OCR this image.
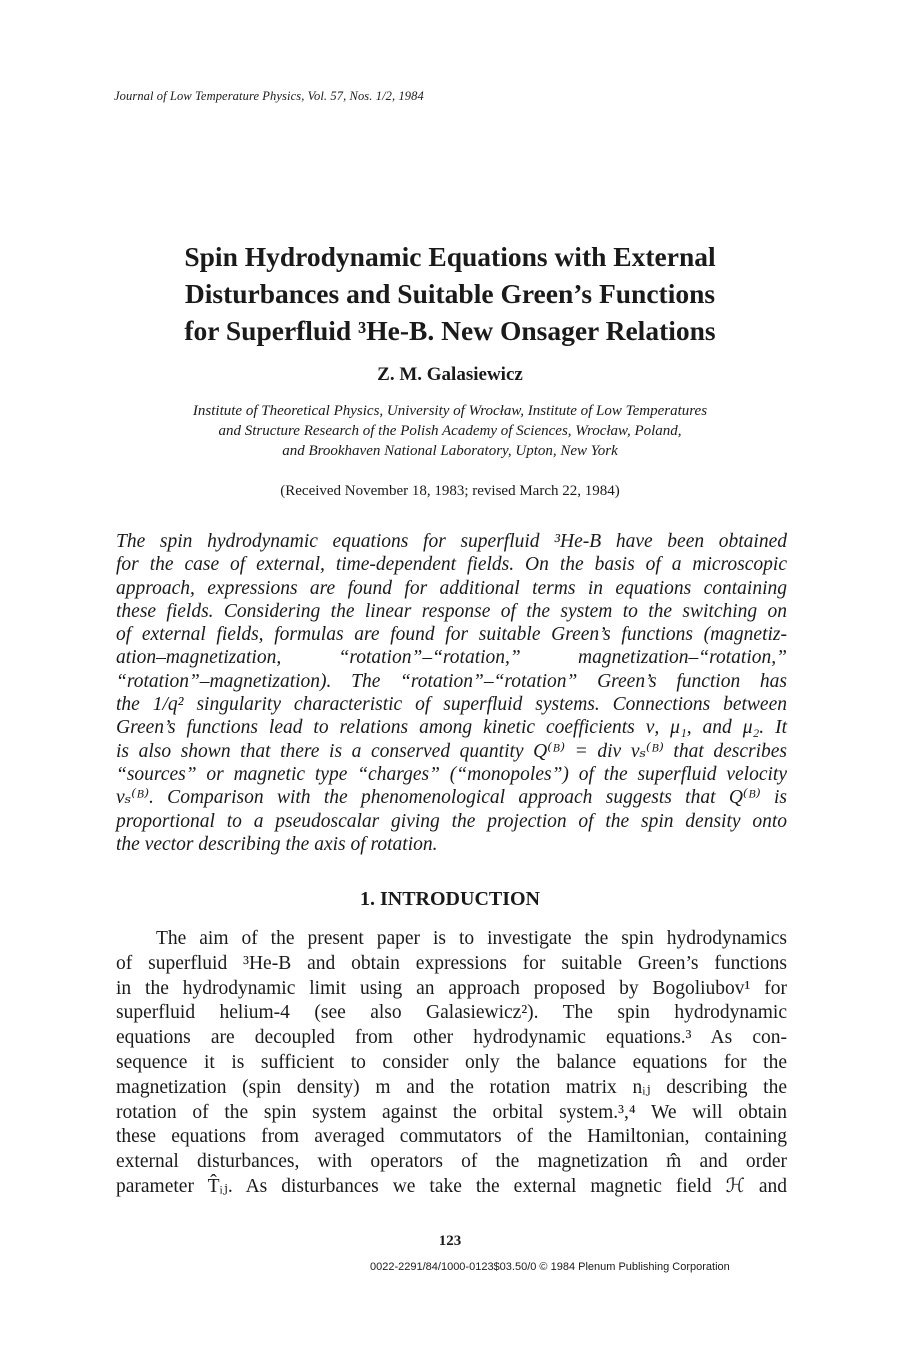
Journal of Low Temperature Physics, Vol. 57, Nos. 1/2, 1984
Spin Hydrodynamic Equations with External
Disturbances and Suitable Green’s Functions
for Superfluid ³He-B. New Onsager Relations
Z. M. Galasiewicz
Institute of Theoretical Physics, University of Wrocław, Institute of Low Temperatures
and Structure Research of the Polish Academy of Sciences, Wrocław, Poland,
and Brookhaven National Laboratory, Upton, New York
(Received November 18, 1983; revised March 22, 1984)
The spin hydrodynamic equations for superfluid ³He-B have been obtained
for the case of external, time-dependent fields. On the basis of a microscopic
approach, expressions are found for additional terms in equations containing
these fields. Considering the linear response of the system to the switching on
of external fields, formulas are found for suitable Green’s functions (magnetiz-
ation–magnetization, “rotation”–“rotation,” magnetization–“rotation,”
“rotation”–magnetization). The “rotation”–“rotation” Green’s function has
the 1/q² singularity characteristic of superfluid systems. Connections between
Green’s functions lead to relations among kinetic coefficients ν, μ₁, and μ₂. It
is also shown that there is a conserved quantity Q⁽ᴮ⁾ = div vₛ⁽ᴮ⁾ that describes
“sources” or magnetic type “charges” (“monopoles”) of the superfluid velocity
vₛ⁽ᴮ⁾. Comparison with the phenomenological approach suggests that Q⁽ᴮ⁾ is
proportional to a pseudoscalar giving the projection of the spin density onto
the vector describing the axis of rotation.
1. INTRODUCTION
The aim of the present paper is to investigate the spin hydrodynamics
of superfluid ³He-B and obtain expressions for suitable Green’s functions
in the hydrodynamic limit using an approach proposed by Bogoliubov¹ for
superfluid helium-4 (see also Galasiewicz²). The spin hydrodynamic
equations are decoupled from other hydrodynamic equations.³ As con-
sequence it is sufficient to consider only the balance equations for the
magnetization (spin density) m and the rotation matrix nᵢⱼ describing the
rotation of the spin system against the orbital system.³,⁴ We will obtain
these equations from averaged commutators of the Hamiltonian, containing
external disturbances, with operators of the magnetization m̂ and order
parameter T̂ᵢⱼ. As disturbances we take the external magnetic field ℋ and
123
0022-2291/84/1000-0123$03.50/0 © 1984 Plenum Publishing Corporation
